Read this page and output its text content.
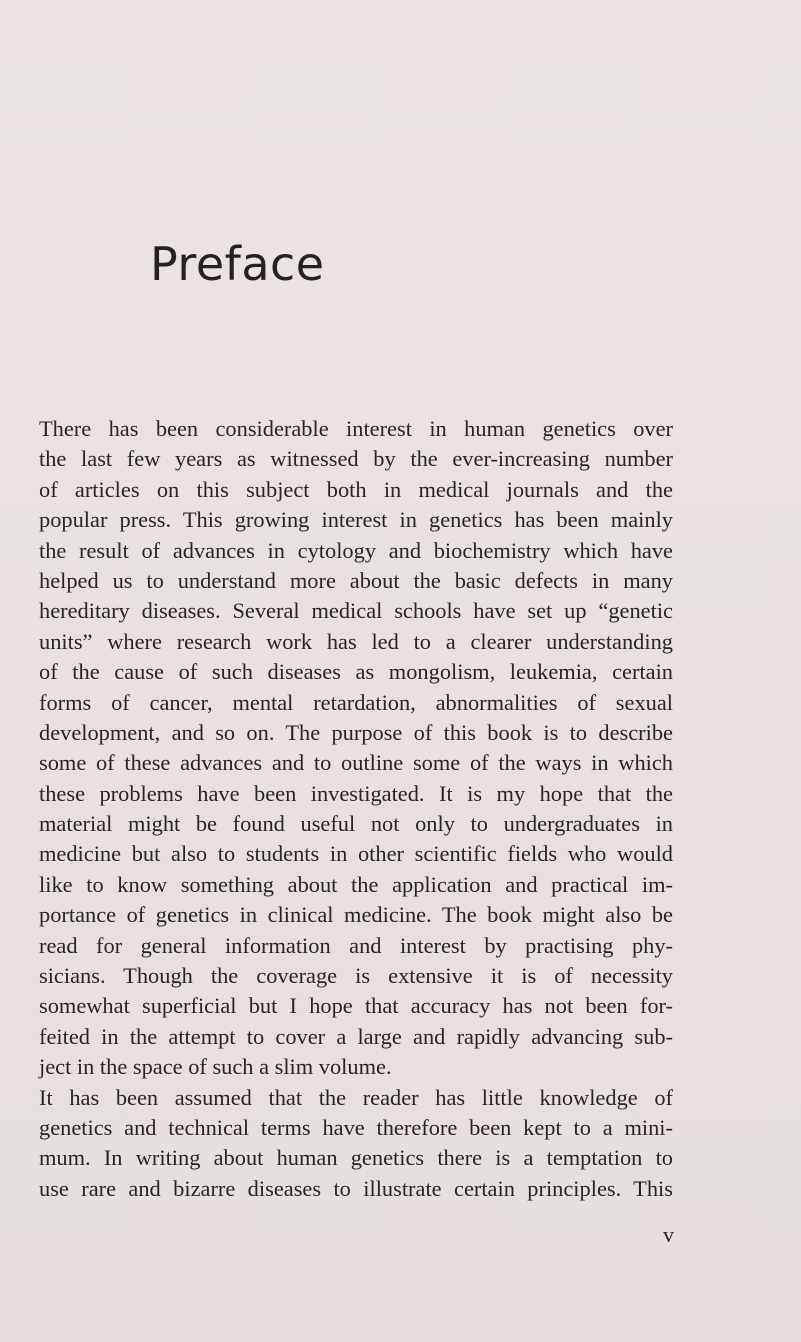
Preface
There has been considerable interest in human genetics over
the last few years as witnessed by the ever-increasing number
of articles on this subject both in medical journals and the
popular press. This growing interest in genetics has been mainly
the result of advances in cytology and biochemistry which have
helped us to understand more about the basic defects in many
hereditary diseases. Several medical schools have set up “genetic
units” where research work has led to a clearer understanding
of the cause of such diseases as mongolism, leukemia, certain
forms of cancer, mental retardation, abnormalities of sexual
development, and so on. The purpose of this book is to describe
some of these advances and to outline some of the ways in which
these problems have been investigated. It is my hope that the
material might be found useful not only to undergraduates in
medicine but also to students in other scientific fields who would
like to know something about the application and practical im-
portance of genetics in clinical medicine. The book might also be
read for general information and interest by practising phy-
sicians. Though the coverage is extensive it is of necessity
somewhat superficial but I hope that accuracy has not been for-
feited in the attempt to cover a large and rapidly advancing sub-
ject in the space of such a slim volume.
It has been assumed that the reader has little knowledge of
genetics and technical terms have therefore been kept to a mini-
mum. In writing about human genetics there is a temptation to
use rare and bizarre diseases to illustrate certain principles. This
v
